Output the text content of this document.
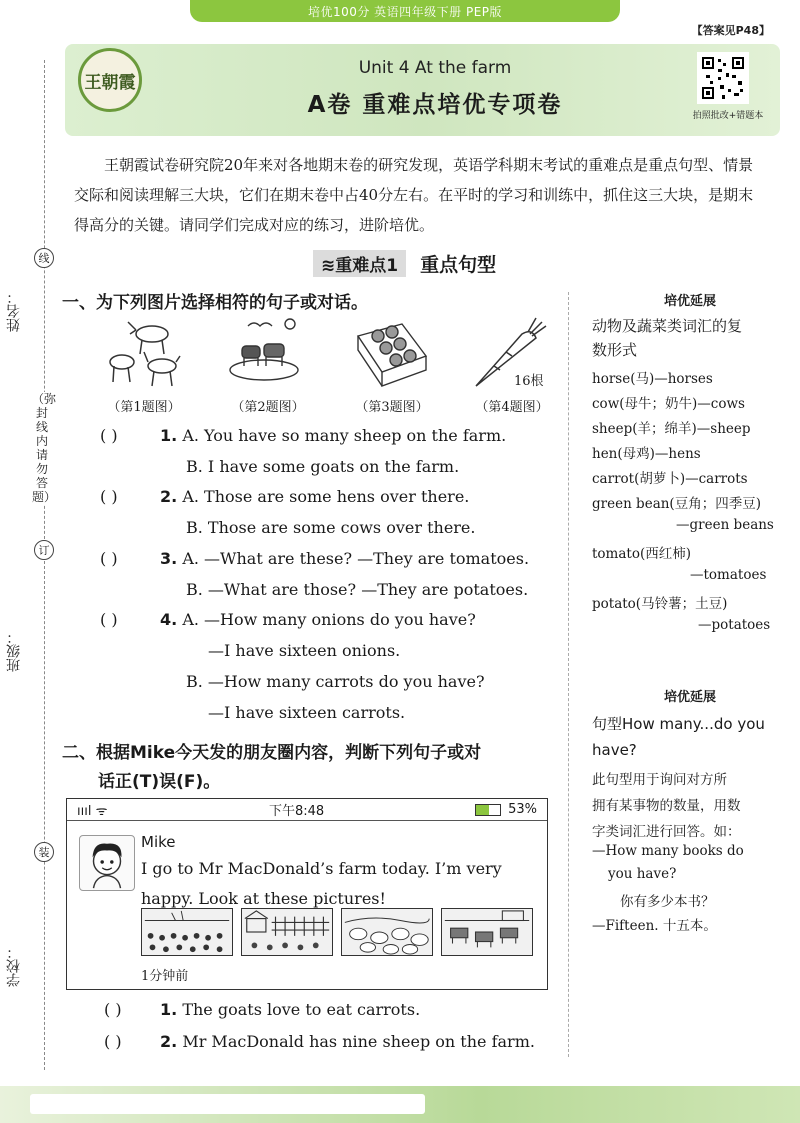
培优100分 英语四年级下册 PEP版
【答案见P48】
王朝霞
Unit 4 At the farm
A卷 重难点培优专项卷	拍照批改+错题本
姓名：
班级：
学校：
线
订
装
（弥封线内请勿答题）
王朝霞试卷研究院20年来对各地期末卷的研究发现，英语学科期末考试的重难点是重点句型、情景交际和阅读理解三大块，它们在期末卷中占40分左右。在平时的学习和训练中，抓住这三大块，是期末得高分的关键。请同学们完成对应的练习，进阶培优。
≋重难点1	重点句型
一、为下列图片选择相符的句子或对话。
16根
（第1题图）	（第2题图）	（第3题图）	（第4题图）
( )	1. A. You have so many sheep on the farm.
B. I have some goats on the farm.
( )	2. A. Those are some hens over there.
B. Those are some cows over there.
( )	3. A. —What are these? —They are tomatoes.
B. —What are those? —They are potatoes.
( )	4. A. —How many onions do you have?
—I have sixteen onions.
B. —How many carrots do you have?
—I have sixteen carrots.
二、根据Mike今天发的朋友圈内容，判断下列句子或对
话正(T)误(F)。
ıııl ᯤ	下午8:48	53%
Mike
I go to Mr MacDonald’s farm today. I’m very happy. Look at these pictures!
1分钟前
( ) 1. The goats love to eat carrots.
( ) 2. Mr MacDonald has nine sheep on the farm.
培优延展
动物及蔬菜类词汇的复
数形式
horse(马)—horses
cow(母牛；奶牛)—cows
sheep(羊；绵羊)—sheep
hen(母鸡)—hens
carrot(胡萝卜)—carrots
green bean(豆角；四季豆)
—green beans
tomato(西红柿)
—tomatoes
potato(马铃薯；土豆)
—potatoes
培优延展
句型How many...do you
have?
此句型用于询问对方所
拥有某事物的数量，用数
字类词汇进行回答。如：
—How many books do
you have?
你有多少本书？
—Fifteen. 十五本。
